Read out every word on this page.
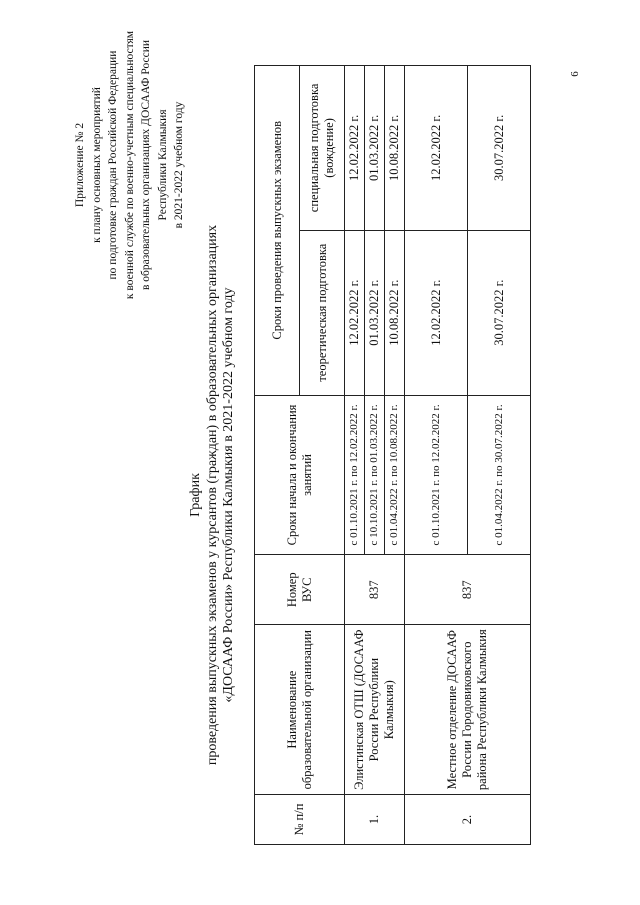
6
Приложение № 2 к плану основных мероприятий по подготовке граждан Российской Федерации к военной службе по военно-учетным специальностям в образовательных организациях ДОСААФ России Республики Калмыкия в 2021-2022 учебном году
График проведения выпускных экзаменов у курсантов (граждан) в образовательных организациях «ДОСААФ России» Республики Калмыкия в 2021-2022 учебном году
№ п/п	Наименование образовательной организации	Номер ВУС	Сроки начала и окончания занятий	Сроки проведения выпускных экзаменов	
				теоретическая подготовка	специальная подготовка (вождение)
1.	Элистинская ОТШ (ДОСААФ России Республики Калмыкия)	837	с 01.10.2021 г. по 12.02.2022 г.	12.02.2022 г.	12.02.2022 г.
			с 10.10.2021 г. по 01.03.2022 г.	01.03.2022 г.	01.03.2022 г.
			с 01.04.2022 г. по 10.08.2022 г.	10.08.2022 г.	10.08.2022 г.
2.	Местное отделение ДОСААФ России Городовиковского района Республики Калмыкия	837	с 01.10.2021 г. по 12.02.2022 г.	12.02.2022 г.	12.02.2022 г.
			с 01.04.2022 г. по 30.07.2022 г.	30.07.2022 г.	30.07.2022 г.
